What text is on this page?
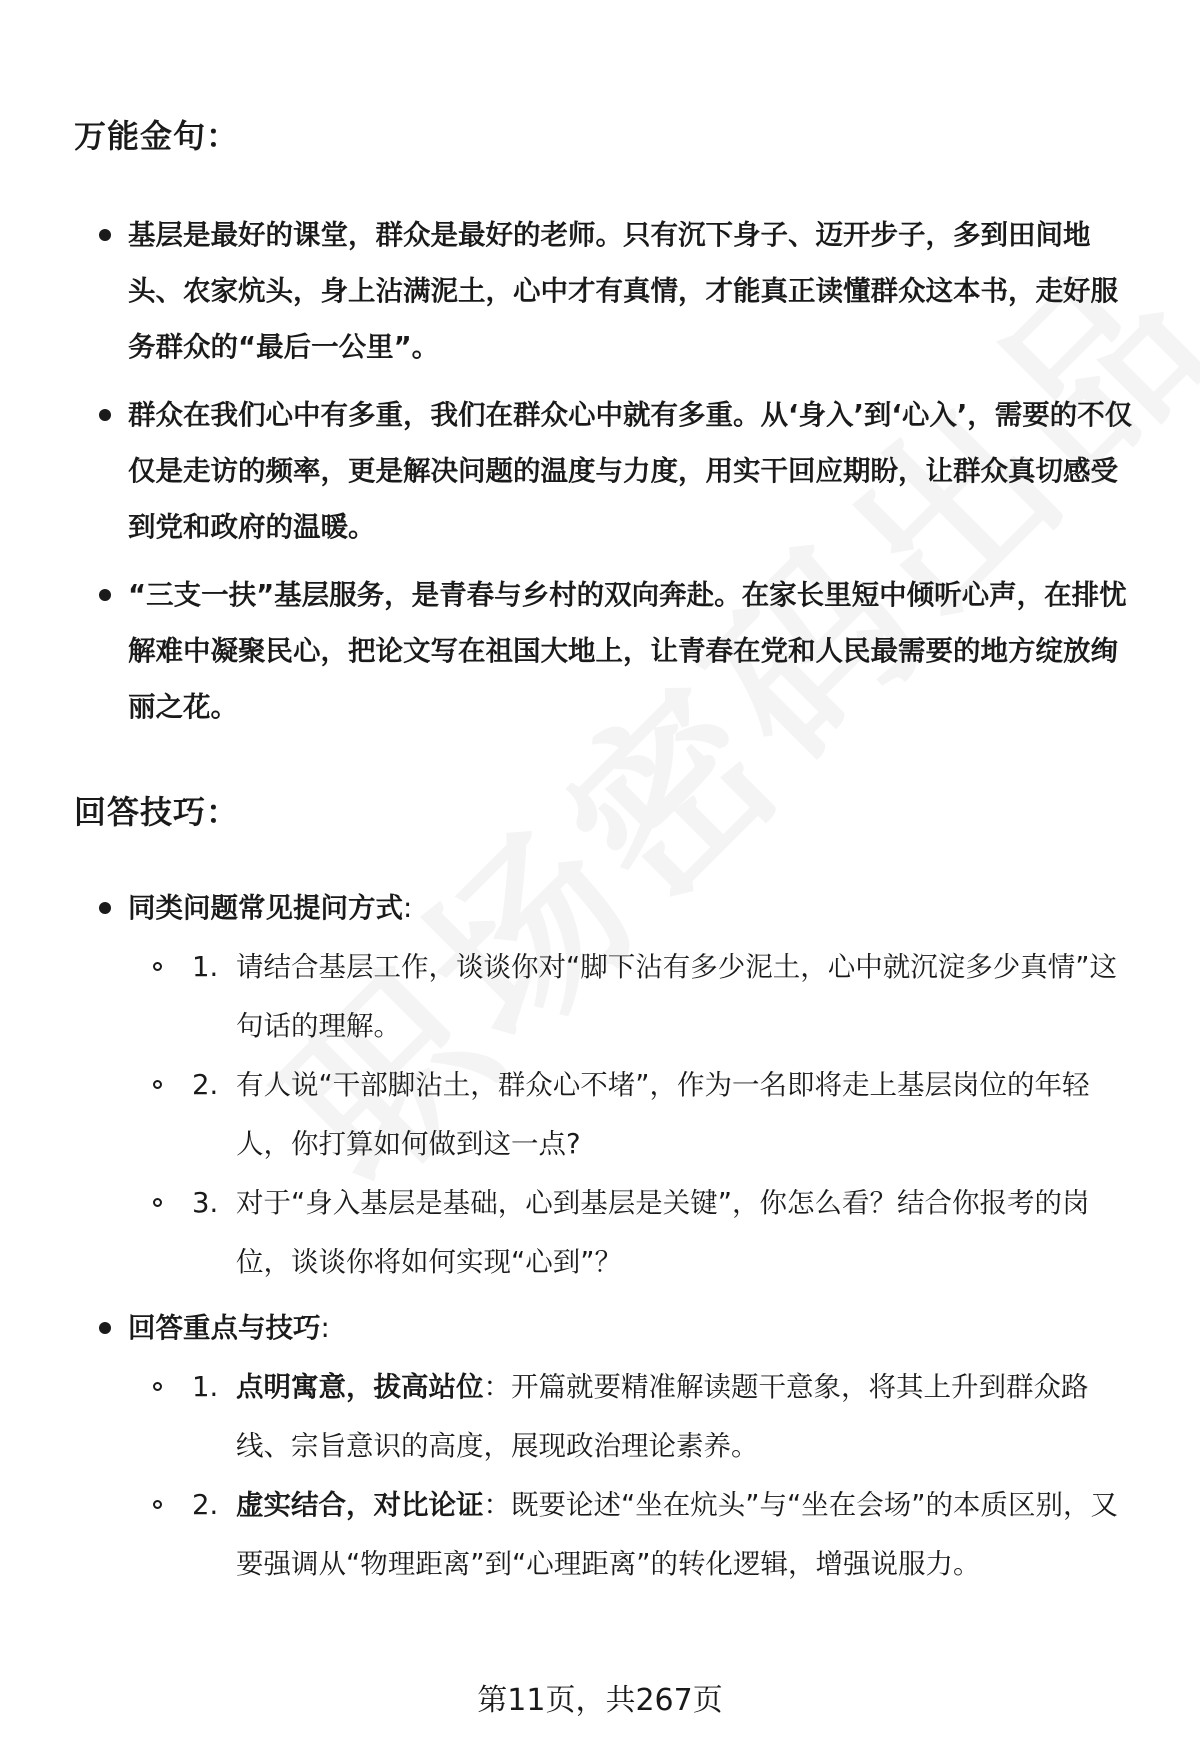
万能金句：
基层是最好的课堂，群众是最好的老师。只有沉下身子、迈开步子，多到田间地头、农家炕头，身上沾满泥土，心中才有真情，才能真正读懂群众这本书，走好服务群众的“最后一公里”。
群众在我们心中有多重，我们在群众心中就有多重。从‘身入’到‘心入’，需要的不仅仅是走访的频率，更是解决问题的温度与力度，用实干回应期盼，让群众真切感受到党和政府的温暖。
“三支一扶”基层服务，是青春与乡村的双向奔赴。在家长里短中倾听心声，在排忧解难中凝聚民心，把论文写在祖国大地上，让青春在党和人民最需要的地方绽放绚丽之花。
回答技巧：
同类问题常见提问方式:
1. 请结合基层工作，谈谈你对“脚下沾有多少泥土，心中就沉淀多少真情”这句话的理解。
2. 有人说“干部脚沾土，群众心不堵”，作为一名即将走上基层岗位的年轻人，你打算如何做到这一点?
3. 对于“身入基层是基础，心到基层是关键”，你怎么看？结合你报考的岗位，谈谈你将如何实现“心到”？
回答重点与技巧:
1. 点明寓意，拔高站位：开篇就要精准解读题干意象，将其上升到群众路线、宗旨意识的高度，展现政治理论素养。
2. 虚实结合，对比论证：既要论述“坐在炕头”与“坐在会场”的本质区别，又要强调从“物理距离”到“心理距离”的转化逻辑，增强说服力。
第11页，共267页
